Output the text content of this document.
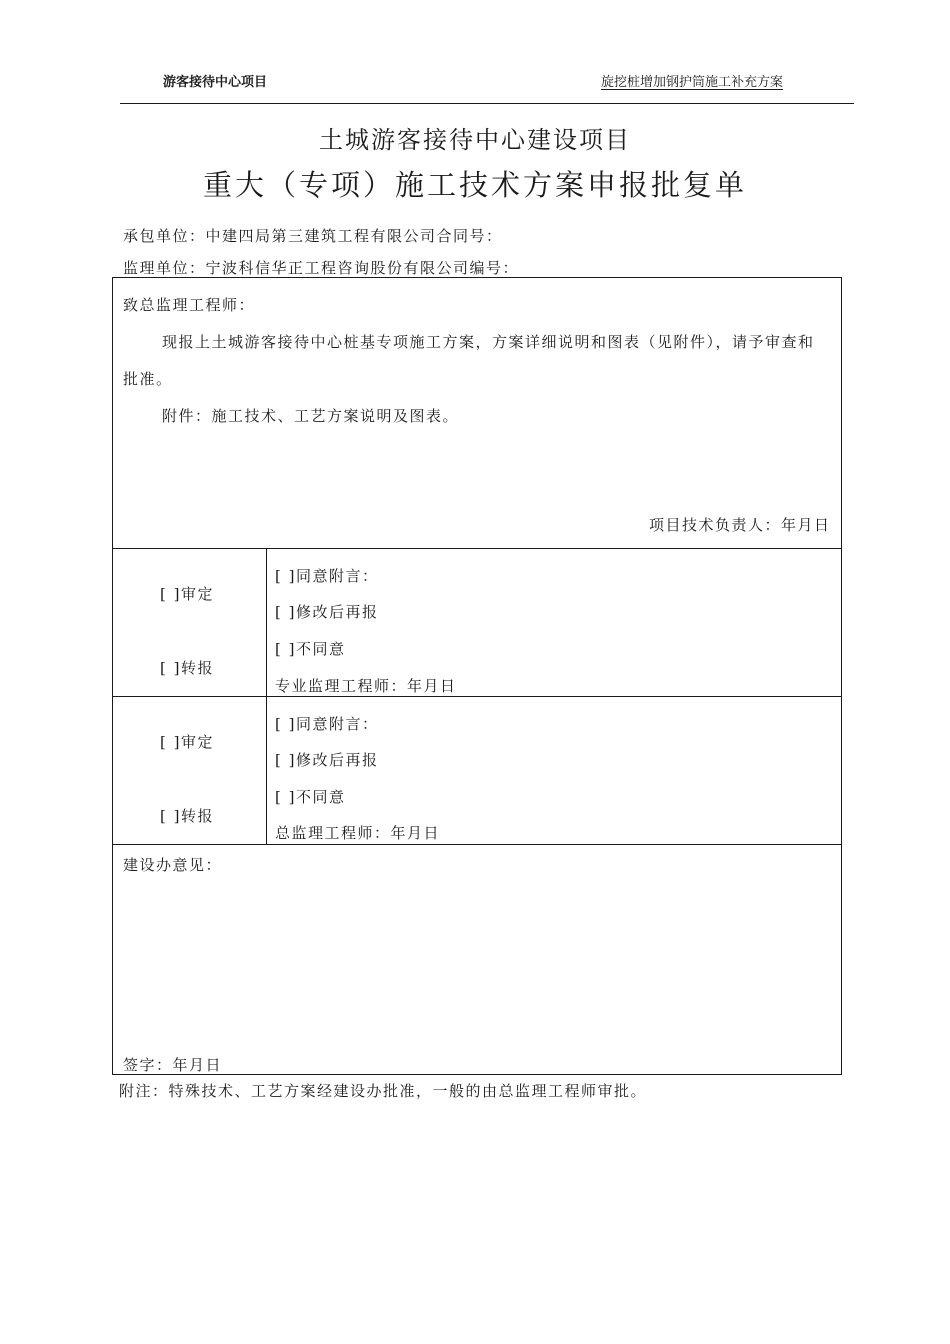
游客接待中心项目	旋挖桩增加钢护筒施工补充方案
土城游客接待中心建设项目
重大（专项）施工技术方案申报批复单
承包单位：中建四局第三建筑工程有限公司合同号：
监理单位：宁波科信华正工程咨询股份有限公司编号：
致总监理工程师：
现报上土城游客接待中心桩基专项施工方案，方案详细说明和图表（见附件），请予审查和
批准。
附件：施工技术、工艺方案说明及图表。
项目技术负责人：年月日
[ ]审定
[ ]转报
[ ]同意附言：
[ ]修改后再报
[ ]不同意
专业监理工程师：年月日
[ ]审定
[ ]转报
[ ]同意附言：
[ ]修改后再报
[ ]不同意
总监理工程师：年月日
建设办意见：
签字：年月日
附注：特殊技术、工艺方案经建设办批准，一般的由总监理工程师审批。
